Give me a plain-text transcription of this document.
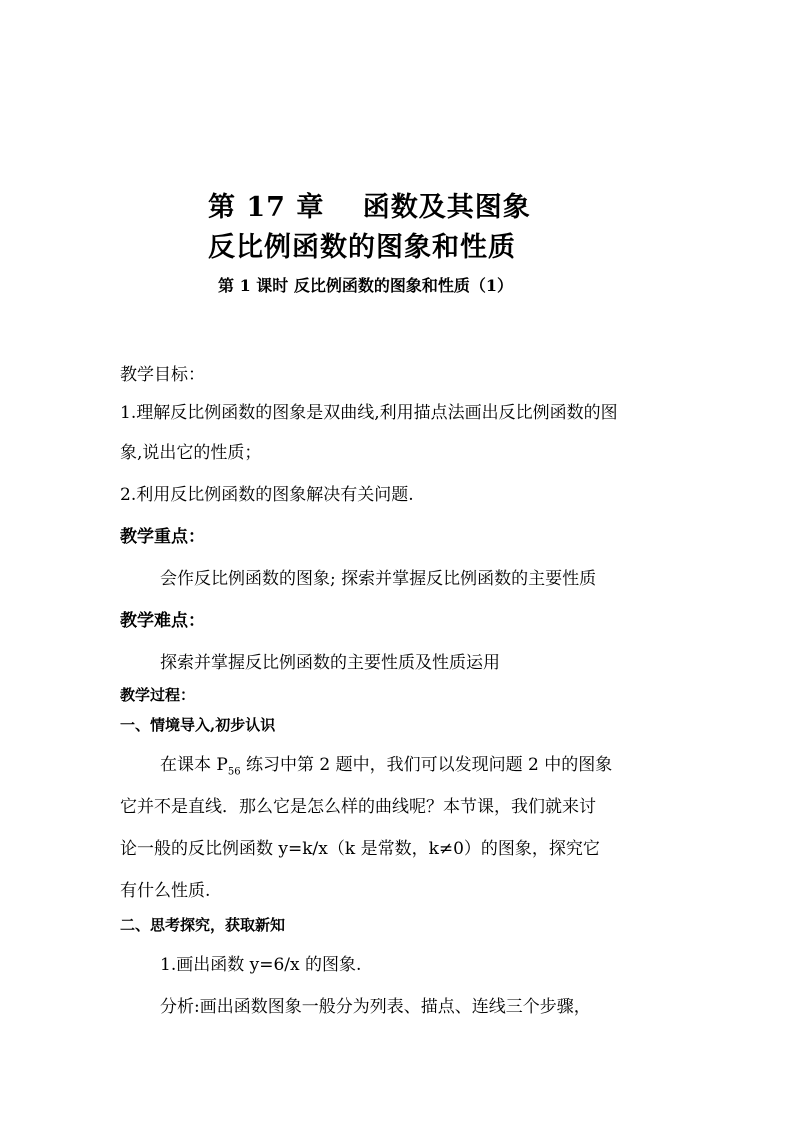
第 17 章　 函数及其图象
反比例函数的图象和性质
第 1 课时 反比例函数的图象和性质（1）
教学目标：
1.理解反比例函数的图象是双曲线,利用描点法画出反比例函数的图
象,说出它的性质；
2.利用反比例函数的图象解决有关问题.
教学重点：
会作反比例函数的图象; 探索并掌握反比例函数的主要性质
教学难点：
探索并掌握反比例函数的主要性质及性质运用
教学过程：
一、情境导入,初步认识
在课本 $P_{56}$ 练习中第 2 题中，我们可以发现问题 2 中的图象
它并不是直线．那么它是怎么样的曲线呢？本节课，我们就来讨
论一般的反比例函数 y=k/x（k 是常数，k≠0）的图象，探究它
有什么性质.
二、思考探究，获取新知
1.画出函数 y=6/x 的图象.
分析:画出函数图象一般分为列表、描点、连线三个步骤，
